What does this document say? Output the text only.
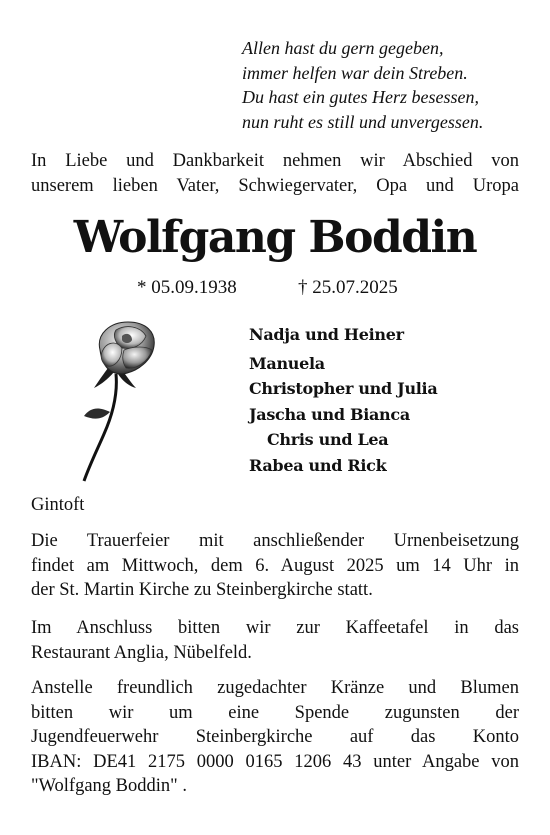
Allen hast du gern gegeben,
immer helfen war dein Streben.
Du hast ein gutes Herz besessen,
nun ruht es still und unvergessen.
In Liebe und Dankbarkeit nehmen wir Abschied von
unserem lieben Vater, Schwiegervater, Opa und Uropa
Wolfgang Boddin
* 05.09.1938	† 25.07.2025
Nadja und Heiner
Manuela
Christopher und Julia
Jascha und Bianca
Chris und Lea
Rabea und Rick
Gintoft
Die Trauerfeier mit anschließender Urnenbeisetzung
findet am Mittwoch, dem 6. August 2025 um 14 Uhr in
der St. Martin Kirche zu Steinbergkirche statt.
Im Anschluss bitten wir zur Kaffeetafel in das
Restaurant Anglia, Nübelfeld.
Anstelle freundlich zugedachter Kränze und Blumen
bitten wir um eine Spende zugunsten der
Jugendfeuerwehr Steinbergkirche auf das Konto
IBAN: DE41 2175 0000 0165 1206 43 unter Angabe von
"Wolfgang Boddin" .
